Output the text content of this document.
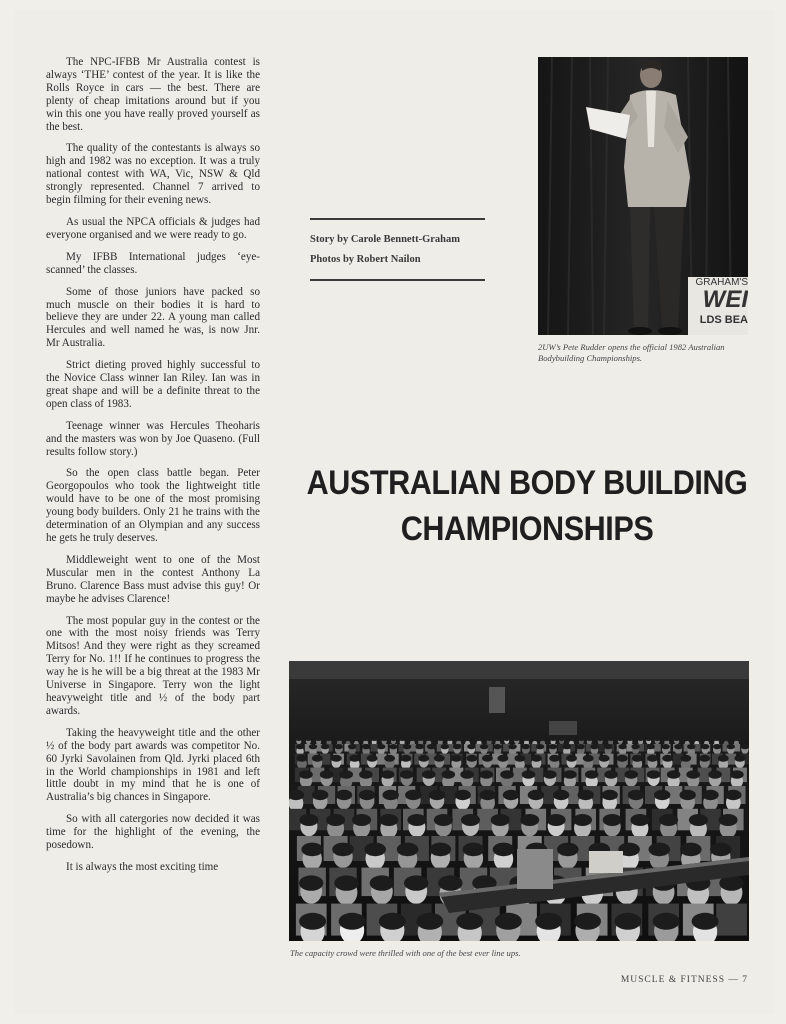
The NPC-IFBB Mr Australia contest is always ‘THE’ contest of the year. It is like the Rolls Royce in cars — the best. There are plenty of cheap imitations around but if you win this one you have really proved yourself as the best.

The quality of the contestants is always so high and 1982 was no exception. It was a truly national contest with WA, Vic, NSW & Qld strongly represented. Channel 7 arrived to begin filming for their evening news.

As usual the NPCA officials & judges had everyone organised and we were ready to go.

My IFBB International judges ‘eye-scanned’ the classes.

Some of those juniors have packed so much muscle on their bodies it is hard to believe they are under 22. A young man called Hercules and well named he was, is now Jnr. Mr Australia.

Strict dieting proved highly successful to the Novice Class winner Ian Riley. Ian was in great shape and will be a definite threat to the open class of 1983.

Teenage winner was Hercules Theoharis and the masters was won by Joe Quaseno. (Full results follow story.)

So the open class battle began. Peter Georgopoulos who took the lightweight title would have to be one of the most promising young body builders. Only 21 he trains with the determination of an Olympian and any success he gets he truly deserves.

Middleweight went to one of the Most Muscular men in the contest Anthony La Bruno. Clarence Bass must advise this guy! Or maybe he advises Clarence!

The most popular guy in the contest or the one with the most noisy friends was Terry Mitsos! And they were right as they screamed Terry for No. 1!! If he continues to progress the way he is he will be a big threat at the 1983 Mr Universe in Singapore. Terry won the light heavyweight title and ½ of the body part awards.

Taking the heavyweight title and the other ½ of the body part awards was competitor No. 60 Jyrki Savolainen from Qld. Jyrki placed 6th in the World championships in 1981 and left little doubt in my mind that he is one of Australia’s big chances in Singapore.

So with all catergories now decided it was time for the highlight of the evening, the posedown.

It is always the most exciting time

Story by Carole Bennett-Graham

Photos by Robert Nailon

GRAHAM'S
WEI
LDS BEA
2UW’s Pete Rudder opens the official 1982 Australian Bodybuilding Championships.
AUSTRALIAN BODY BUILDING
CHAMPIONSHIPS
The capacity crowd were thrilled with one of the best ever line ups.
MUSCLE & FITNESS — 7
